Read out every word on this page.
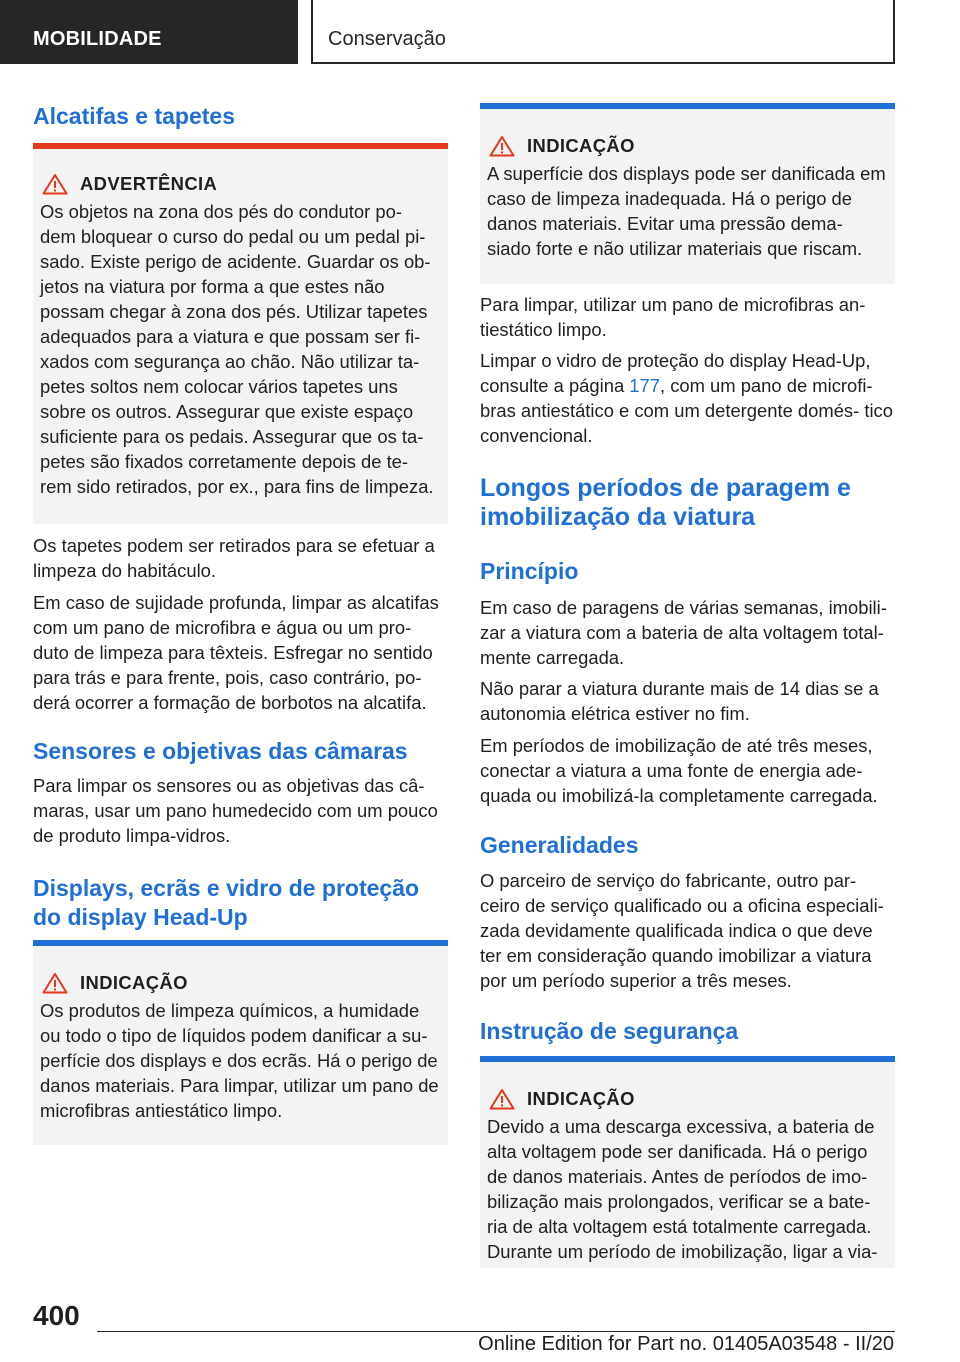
MOBILIDADE	Conservação
Alcatifas e tapetes
ADVERTÊNCIA

Os objetos na zona dos pés do condutor po- dem bloquear o curso do pedal ou um pedal pi- sado. Existe perigo de acidente. Guardar os ob- jetos na viatura por forma a que estes não possam chegar à zona dos pés. Utilizar tapetes adequados para a viatura e que possam ser fi- xados com segurança ao chão. Não utilizar ta- petes soltos nem colocar vários tapetes uns sobre os outros. Assegurar que existe espaço suficiente para os pedais. Assegurar que os ta- petes são fixados corretamente depois de te- rem sido retirados, por ex., para fins de limpeza.

Os tapetes podem ser retirados para se efetuar a limpeza do habitáculo.

Em caso de sujidade profunda, limpar as alcatifas com um pano de microfibra e água ou um pro- duto de limpeza para têxteis. Esfregar no sentido para trás e para frente, pois, caso contrário, po- derá ocorrer a formação de borbotos na alcatifa.

Sensores e objetivas das câmaras

Para limpar os sensores ou as objetivas das câ- maras, usar um pano humedecido com um pouco de produto limpa-vidros.

Displays, ecrãs e vidro de proteção do display Head-Up
INDICAÇÃO

Os produtos de limpeza químicos, a humidade ou todo o tipo de líquidos podem danificar a su- perfície dos displays e dos ecrãs. Há o perigo de danos materiais. Para limpar, utilizar um pano de microfibras antiestático limpo.

INDICAÇÃO

A superfície dos displays pode ser danificada em caso de limpeza inadequada. Há o perigo de danos materiais. Evitar uma pressão dema- siado forte e não utilizar materiais que riscam.

Para limpar, utilizar um pano de microfibras an- tiestático limpo.

Limpar o vidro de proteção do display Head-Up, consulte a página 177, com um pano de microfi- bras antiestático e com um detergente domés- tico convencional.

Longos períodos de paragem e imobilização da viatura
Princípio

Em caso de paragens de várias semanas, imobili- zar a viatura com a bateria de alta voltagem total- mente carregada.

Não parar a viatura durante mais de 14 dias se a autonomia elétrica estiver no fim.

Em períodos de imobilização de até três meses, conectar a viatura a uma fonte de energia ade- quada ou imobilizá-la completamente carregada.

Generalidades

O parceiro de serviço do fabricante, outro par- ceiro de serviço qualificado ou a oficina especiali- zada devidamente qualificada indica o que deve ter em consideração quando imobilizar a viatura por um período superior a três meses.

Instrução de segurança
INDICAÇÃO

Devido a uma descarga excessiva, a bateria de alta voltagem pode ser danificada. Há o perigo de danos materiais. Antes de períodos de imo- bilização mais prolongados, verificar se a bate- ria de alta voltagem está totalmente carregada. Durante um período de imobilização, ligar a via-

400
Online Edition for Part no. 01405A03548 - II/20
